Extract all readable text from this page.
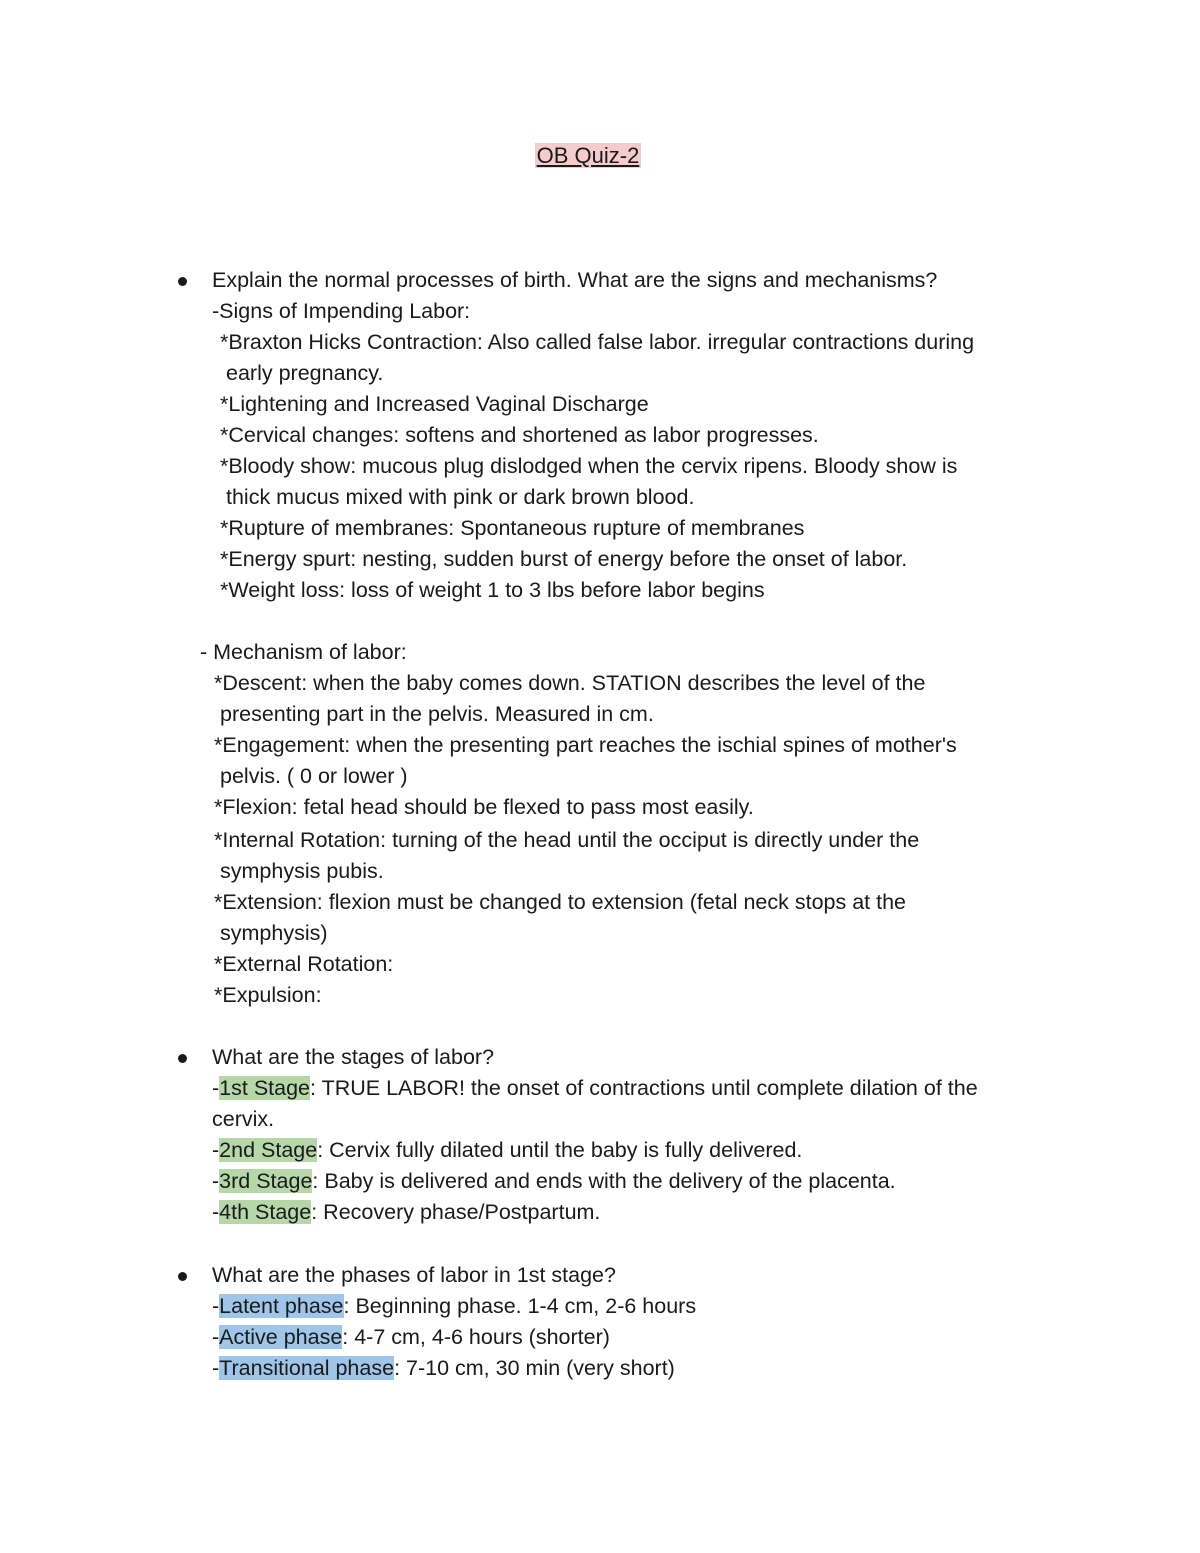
OB Quiz-2
Explain the normal processes of birth. What are the signs and mechanisms?
-Signs of Impending Labor:
*Braxton Hicks Contraction: Also called false labor. irregular contractions during
early pregnancy.
*Lightening and Increased Vaginal Discharge
*Cervical changes: softens and shortened as labor progresses.
*Bloody show: mucous plug dislodged when the cervix ripens. Bloody show is
thick mucus mixed with pink or dark brown blood.
*Rupture of membranes: Spontaneous rupture of membranes
*Energy spurt: nesting, sudden burst of energy before the onset of labor.
*Weight loss: loss of weight 1 to 3 lbs before labor begins
- Mechanism of labor:
*Descent: when the baby comes down. STATION describes the level of the
presenting part in the pelvis. Measured in cm.
*Engagement: when the presenting part reaches the ischial spines of mother's
pelvis. ( 0 or lower )
*Flexion: fetal head should be flexed to pass most easily.
*Internal Rotation: turning of the head until the occiput is directly under the
symphysis pubis.
*Extension: flexion must be changed to extension (fetal neck stops at the
symphysis)
*External Rotation:
*Expulsion:
What are the stages of labor?
-1st Stage: TRUE LABOR! the onset of contractions until complete dilation of the
cervix.
-2nd Stage: Cervix fully dilated until the baby is fully delivered.
-3rd Stage: Baby is delivered and ends with the delivery of the placenta.
-4th Stage: Recovery phase/Postpartum.
What are the phases of labor in 1st stage?
-Latent phase: Beginning phase. 1-4 cm, 2-6 hours
-Active phase: 4-7 cm, 4-6 hours (shorter)
-Transitional phase: 7-10 cm, 30 min (very short)
